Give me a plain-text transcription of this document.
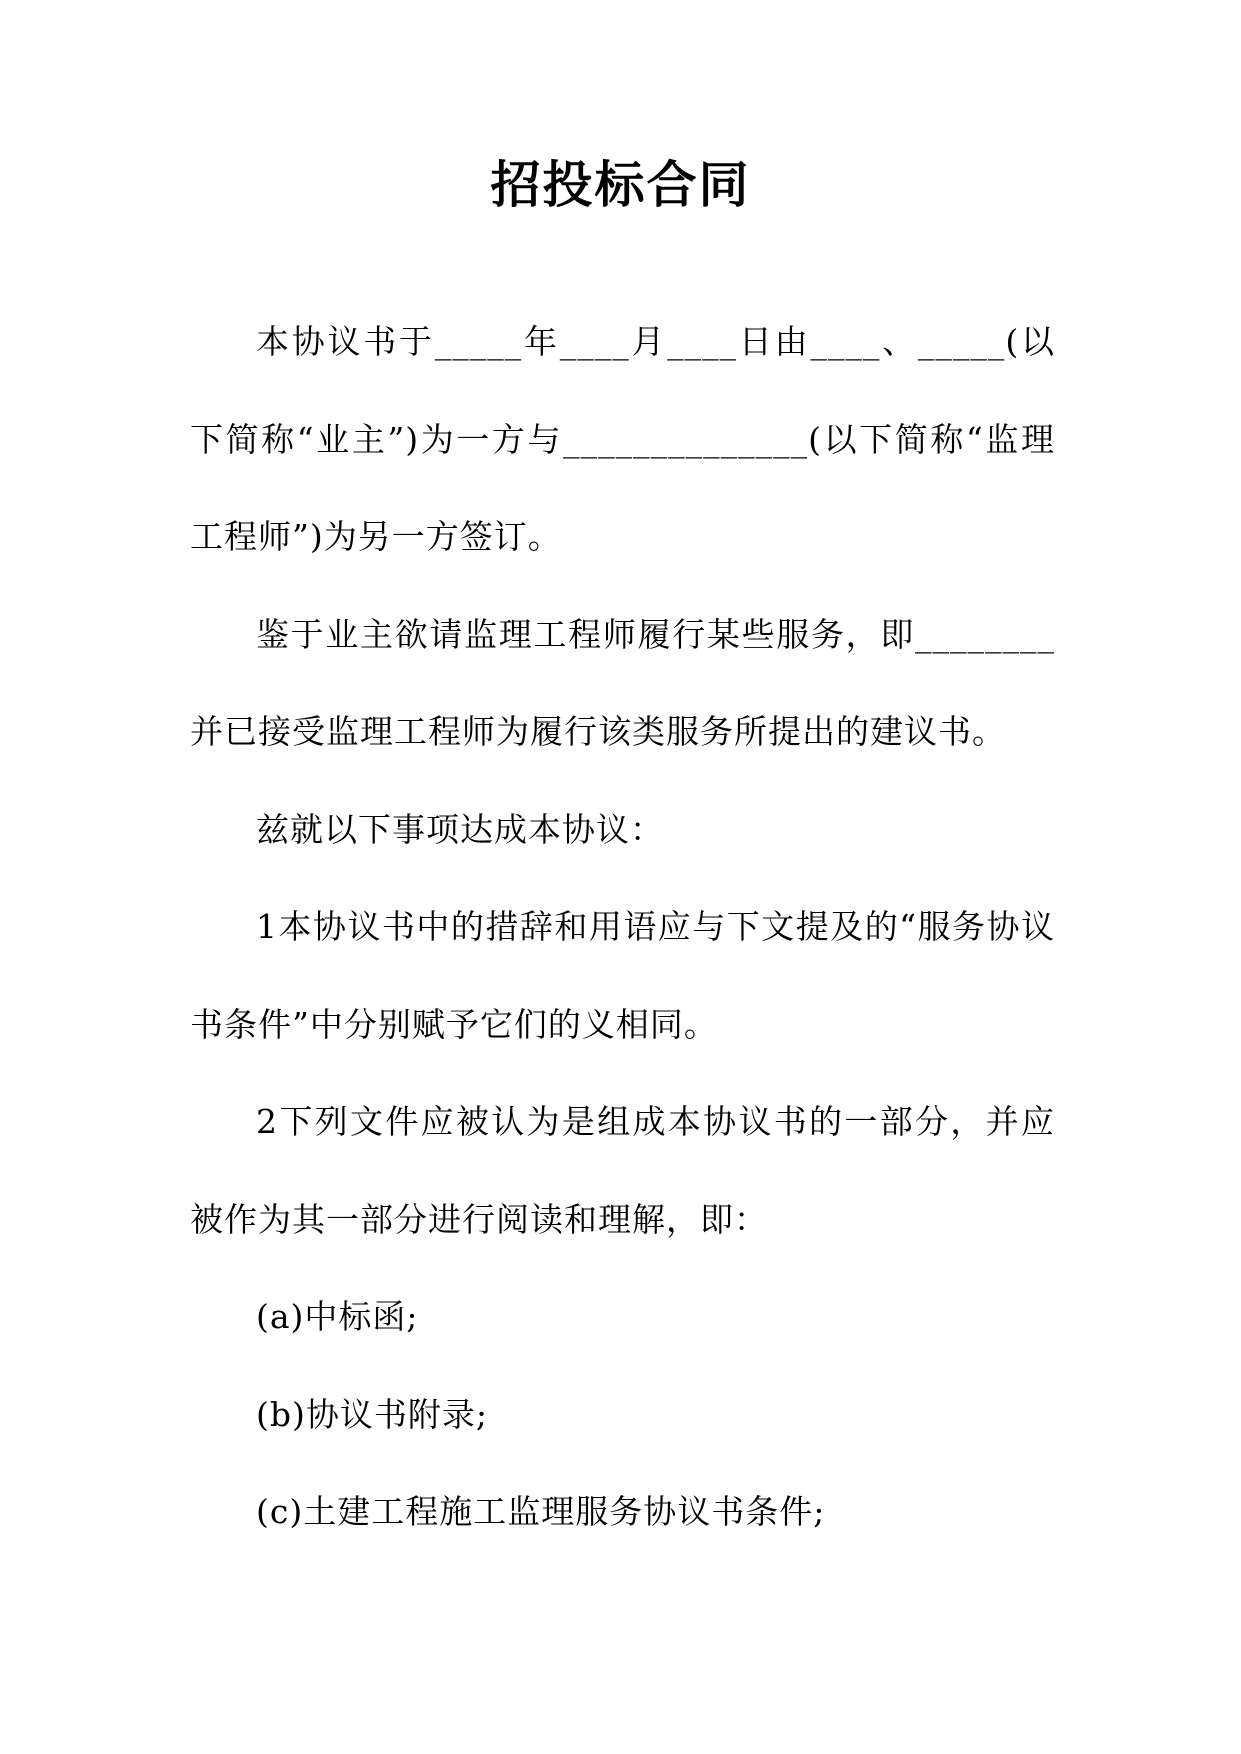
招投标合同

本协议书于_____年____月____日由____、_____(以下简称“业主”)为一方与______________(以下简称“监理工程师”)为另一方签订。

鉴于业主欲请监理工程师履行某些服务，即________并已接受监理工程师为履行该类服务所提出的建议书。

兹就以下事项达成本协议：

1本协议书中的措辞和用语应与下文提及的“服务协议书条件”中分别赋予它们的义相同。

2下列文件应被认为是组成本协议书的一部分，并应被作为其一部分进行阅读和理解，即：

(a)中标函;

(b)协议书附录;

(c)土建工程施工监理服务协议书条件;
